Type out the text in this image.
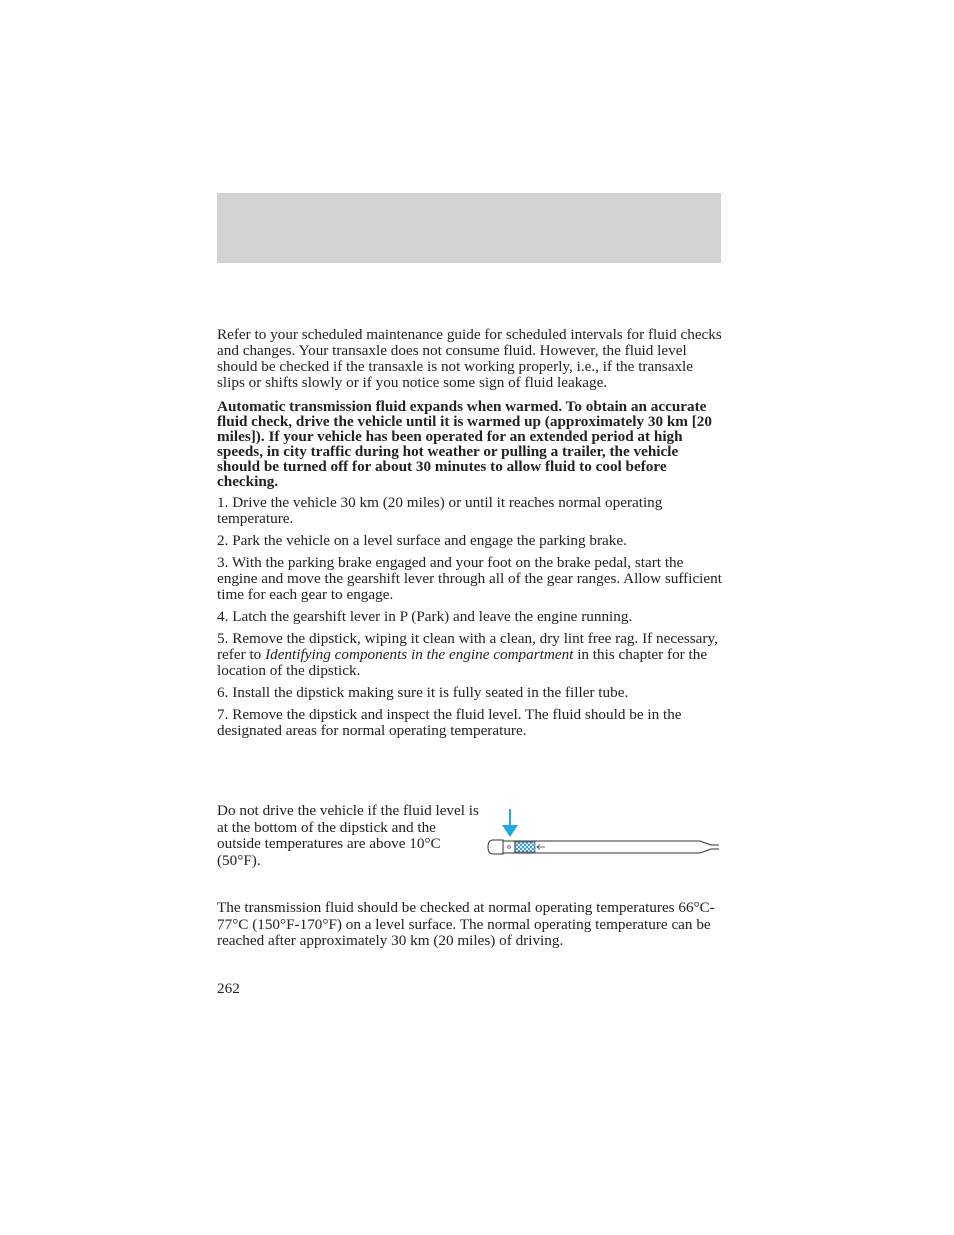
Refer to your scheduled maintenance guide for scheduled intervals for fluid checks and changes. Your transaxle does not consume fluid. However, the fluid level should be checked if the transaxle is not working properly, i.e., if the transaxle slips or shifts slowly or if you notice some sign of fluid leakage.

Automatic transmission fluid expands when warmed. To obtain an accurate fluid check, drive the vehicle until it is warmed up (approximately 30 km [20 miles]). If your vehicle has been operated for an extended period at high speeds, in city traffic during hot weather or pulling a trailer, the vehicle should be turned off for about 30 minutes to allow fluid to cool before checking.

1. Drive the vehicle 30 km (20 miles) or until it reaches normal operating temperature.

2. Park the vehicle on a level surface and engage the parking brake.

3. With the parking brake engaged and your foot on the brake pedal, start the engine and move the gearshift lever through all of the gear ranges. Allow sufficient time for each gear to engage.

4. Latch the gearshift lever in P (Park) and leave the engine running.

5. Remove the dipstick, wiping it clean with a clean, dry lint free rag. If necessary, refer to Identifying components in the engine compartment in this chapter for the location of the dipstick.

6. Install the dipstick making sure it is fully seated in the filler tube.

7. Remove the dipstick and inspect the fluid level. The fluid should be in the designated areas for normal operating temperature.

Do not drive the vehicle if the fluid level is at the bottom of the dipstick and the outside temperatures are above 10°C (50°F).

The transmission fluid should be checked at normal operating temperatures 66°C-77°C (150°F-170°F) on a level surface. The normal operating temperature can be reached after approximately 30 km (20 miles) of driving.

262
